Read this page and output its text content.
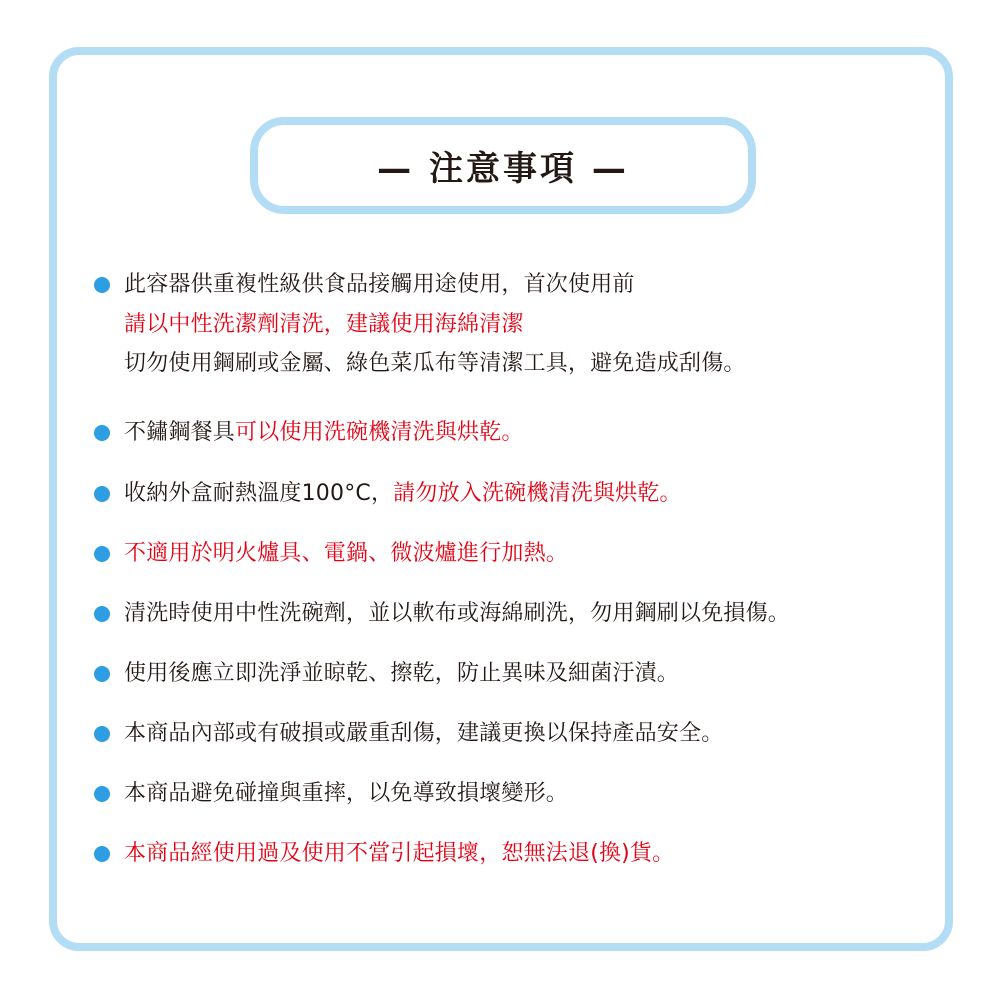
— 注意事項 —
此容器供重複性級供食品接觸用途使用，首次使用前
請以中性洗潔劑清洗，建議使用海綿清潔
切勿使用鋼刷或金屬、綠色菜瓜布等清潔工具，避免造成刮傷。
不鏽鋼餐具可以使用洗碗機清洗與烘乾。
收納外盒耐熱溫度100°C，請勿放入洗碗機清洗與烘乾。
不適用於明火爐具、電鍋、微波爐進行加熱。
清洗時使用中性洗碗劑，並以軟布或海綿刷洗，勿用鋼刷以免損傷。
使用後應立即洗淨並晾乾、擦乾，防止異味及細菌汙漬。
本商品內部或有破損或嚴重刮傷，建議更換以保持產品安全。
本商品避免碰撞與重摔，以免導致損壞變形。
本商品經使用過及使用不當引起損壞，恕無法退(換)貨。
